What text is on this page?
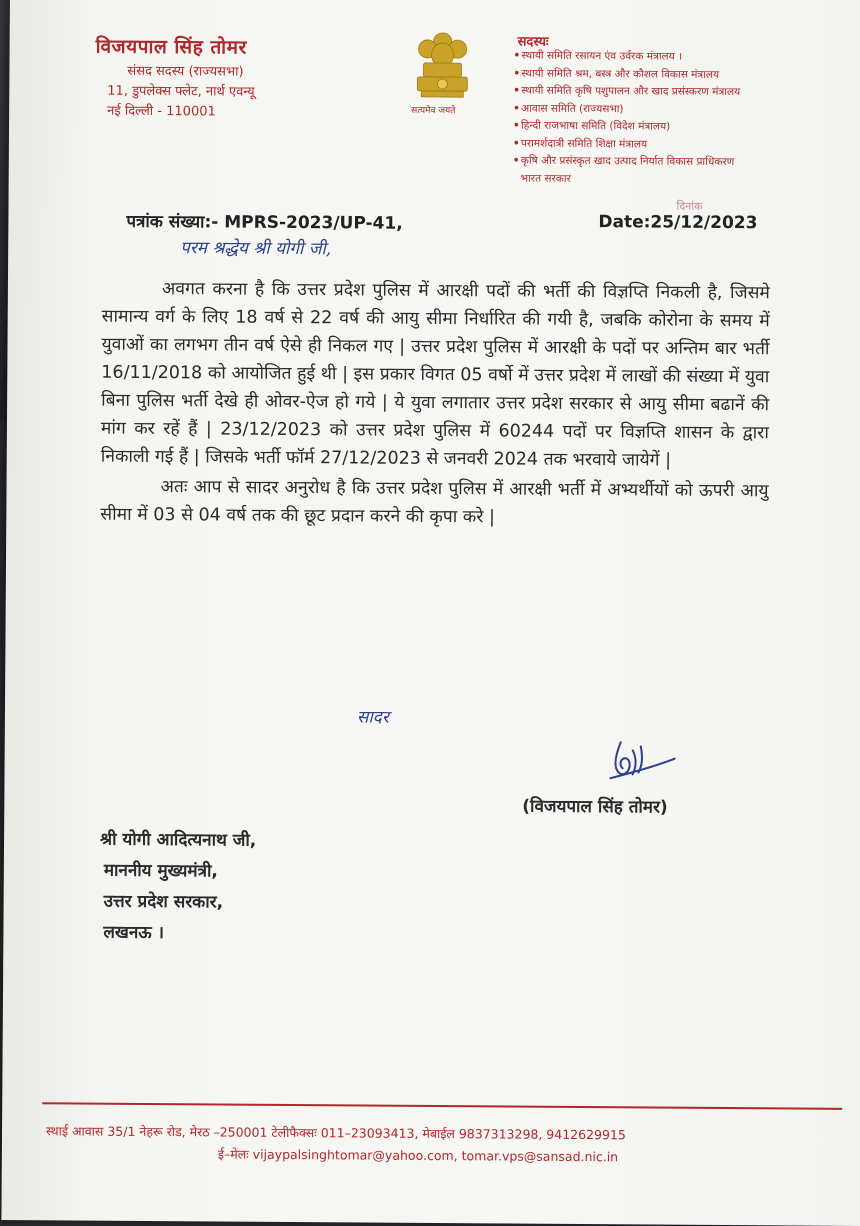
विजयपाल सिंह तोमर
संसद सदस्य (राज्यसभा)
11, डुपलेक्स फ्लेट, नार्थ एवन्यू
नई दिल्ली - 110001	सत्यमेव जयते
सदस्यः
•स्थायी समिति रसायन एंव उर्वरक मंत्रालय ।
•स्थायी समिति श्रम, बस्त्र और कौशल विकास मंत्रालय
•स्थायी समिति कृषि पशुपालन और खाद प्रसंस्करण मंत्रालय
•आवास समिति (राज्यसभा)
•हिन्दी राजभाषा समिति (विदेश मंत्रालय)
•परामर्शदात्री समिति शिक्षा मंत्रालय
•कृषि और प्रसंस्कृत खाद उत्पाद निर्यात विकास प्राधिकरण
भारत सरकार
पत्रांक संख्या:- MPRS-2023/UP-41,
दिनांक
Date:25/12/2023
परम श्रद्धेय श्री योगी जी,

अवगत करना है कि उत्तर प्रदेश पुलिस में आरक्षी पदों की भर्ती की विज्ञप्ति निकली है, जिसमे सामान्य वर्ग के लिए 18 वर्ष से 22 वर्ष की आयु सीमा निर्धारित की गयी है, जबकि कोरोना के समय में युवाओं का लगभग तीन वर्ष ऐसे ही निकल गए | उत्तर प्रदेश पुलिस में आरक्षी के पदों पर अन्तिम बार भर्ती 16/11/2018 को आयोजित हुई थी | इस प्रकार विगत 05 वर्षो में उत्तर प्रदेश में लाखों की संख्या में युवा बिना पुलिस भर्ती देखे ही ओवर-ऐज हो गये | ये युवा लगातार उत्तर प्रदेश सरकार से आयु सीमा बढानें की मांग कर रहें हैं | 23/12/2023 को उत्तर प्रदेश पुलिस में 60244 पदों पर विज्ञप्ति शासन के द्वारा निकाली गई हैं | जिसके भर्ती फॉर्म 27/12/2023 से जनवरी 2024 तक भरवाये जायेगें |

अतः आप से सादर अनुरोध है कि उत्तर प्रदेश पुलिस में आरक्षी भर्ती में अभ्यर्थीयों को ऊपरी आयु सीमा में 03 से 04 वर्ष तक की छूट प्रदान करने की कृपा करे |

सादर
(विजयपाल सिंह तोमर)
श्री योगी आदित्यनाथ जी,
माननीय मुख्यमंत्री,
उत्तर प्रदेश सरकार,
लखनऊ ।
स्थाई आवास 35/1 नेहरू रोड, मेरठ –250001 टेलीफैक्सः 011–23093413, मेबाईल 9837313298, 9412629915
ई–मेलः vijaypalsinghtomar@yahoo.com, tomar.vps@sansad.nic.in
